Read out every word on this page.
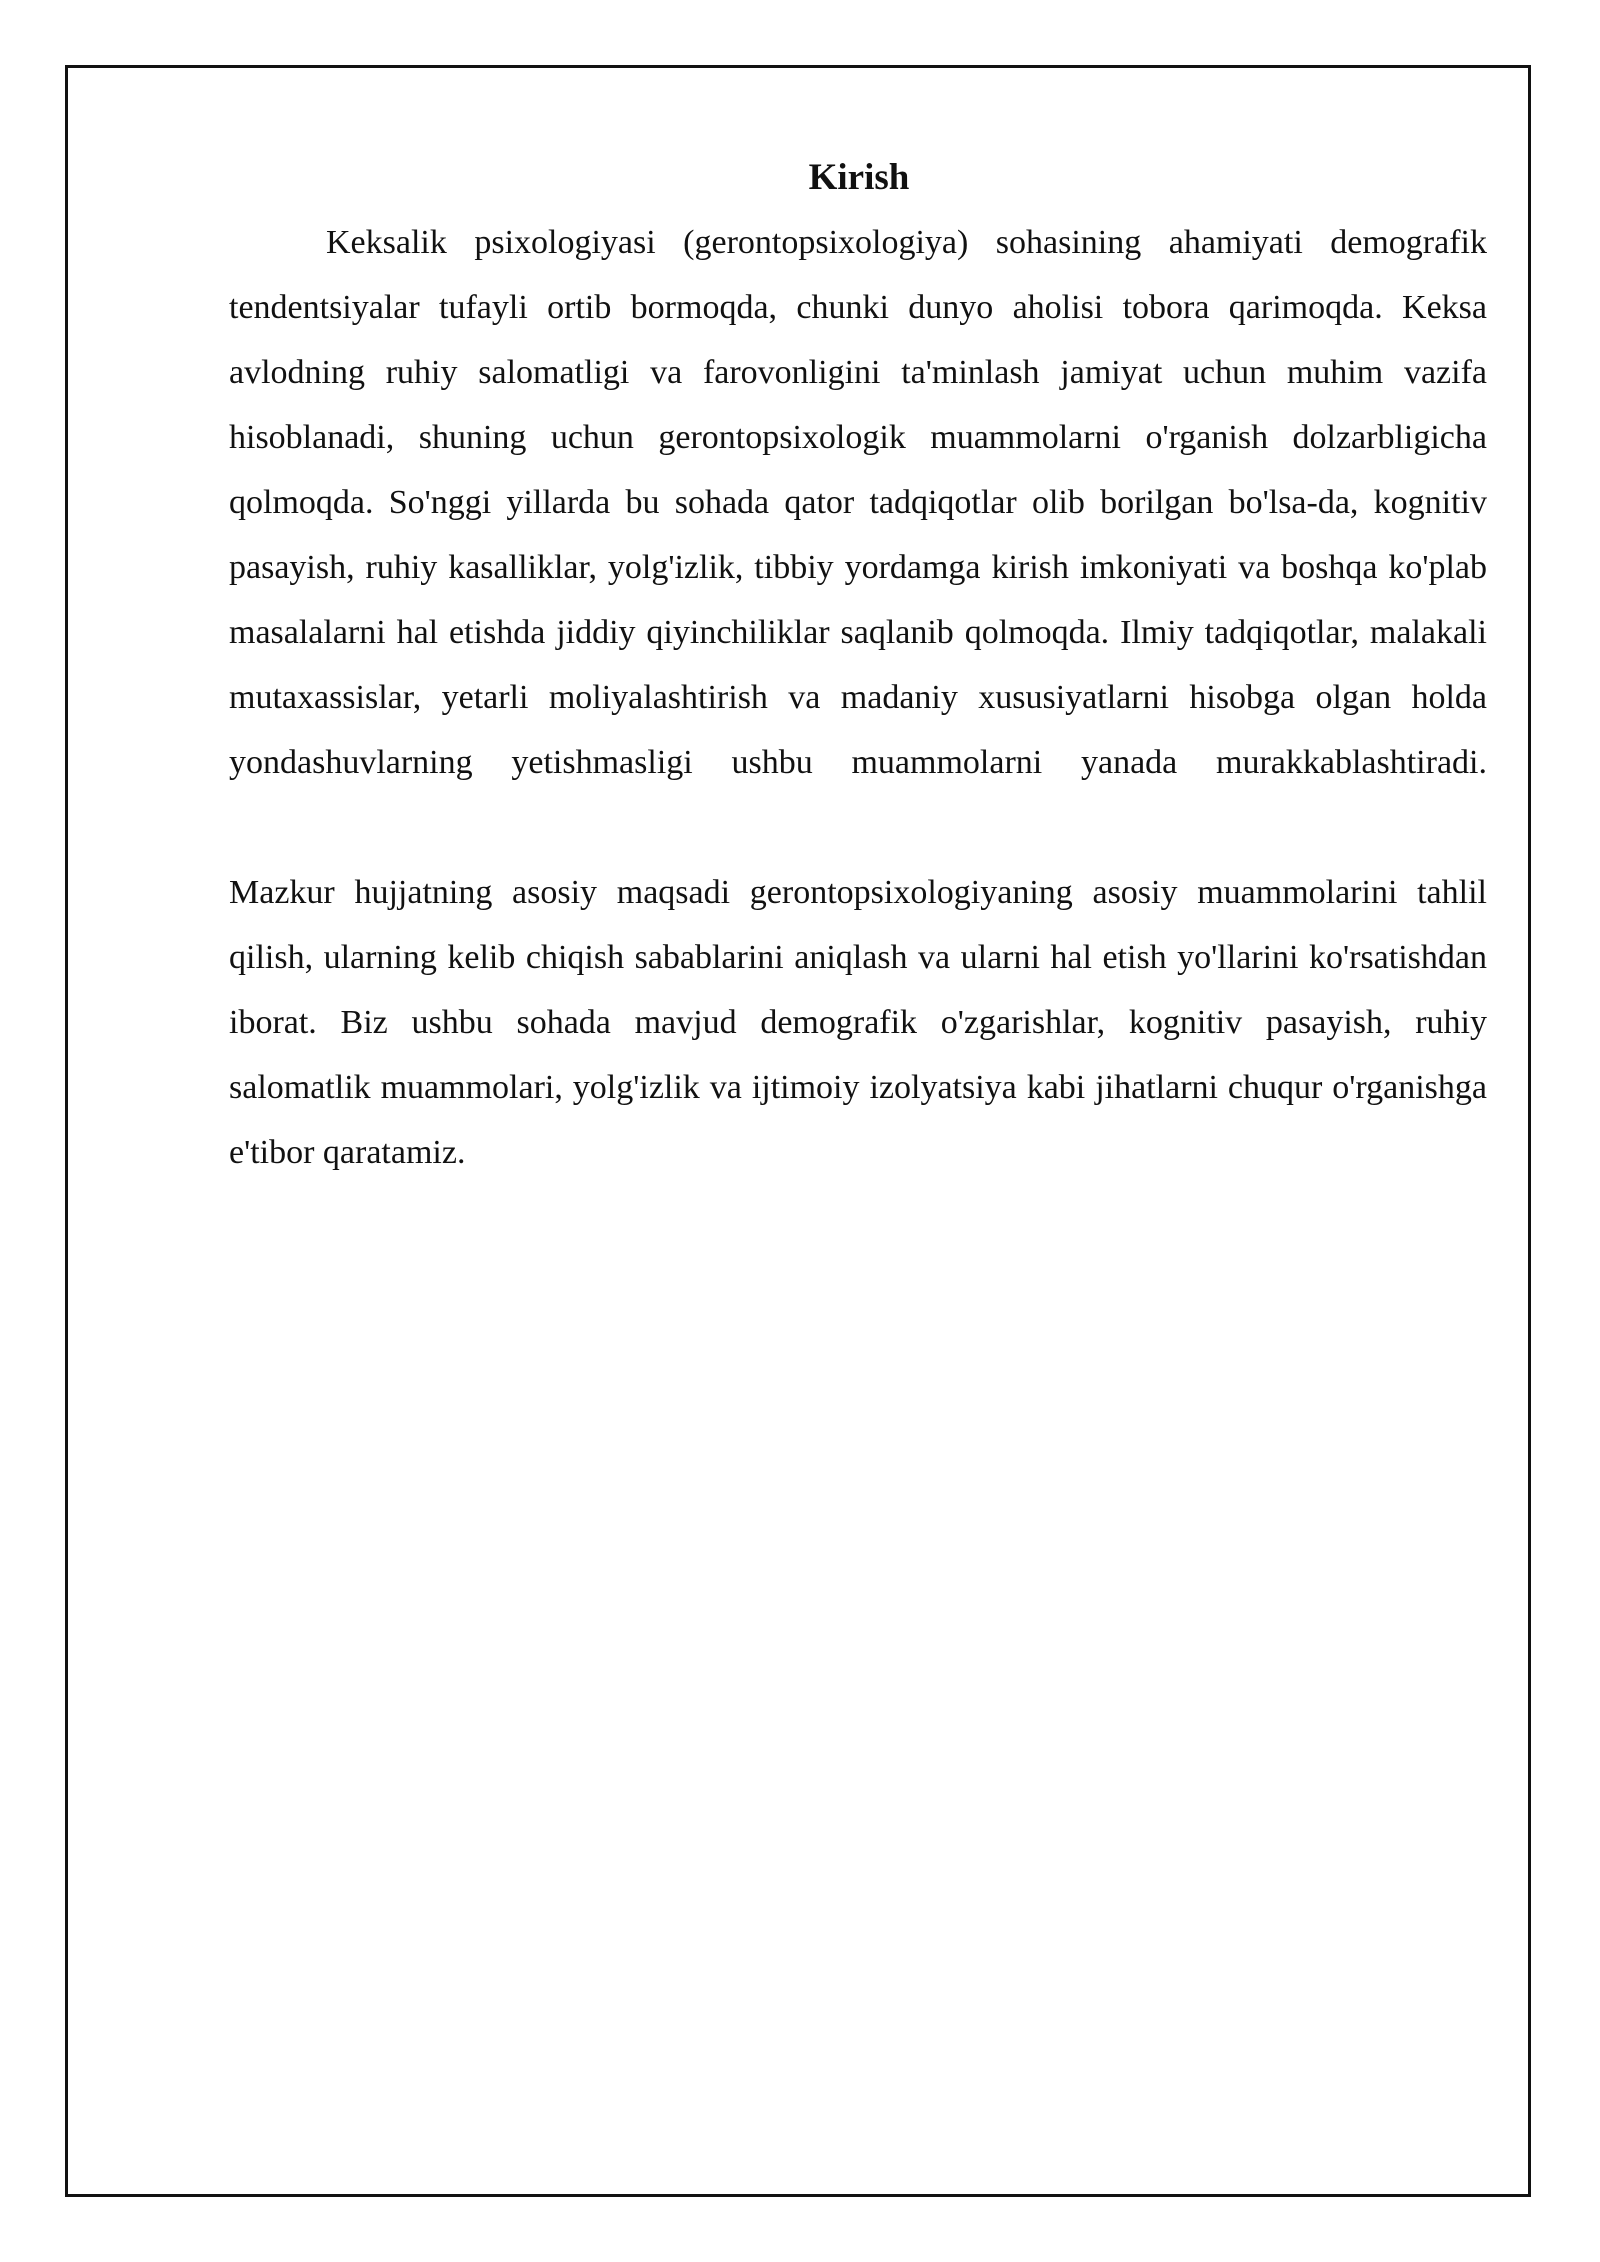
Kirish

Keksalik psixologiyasi (gerontopsixologiya) sohasining ahamiyati demografik tendentsiyalar tufayli ortib bormoqda, chunki dunyo aholisi tobora qarimoqda. Keksa avlodning ruhiy salomatligi va farovonligini ta'minlash jamiyat uchun muhim vazifa hisoblanadi, shuning uchun gerontopsixologik muammolarni o'rganish dolzarbligicha qolmoqda. So'nggi yillarda bu sohada qator tadqiqotlar olib borilgan bo'lsa-da, kognitiv pasayish, ruhiy kasalliklar, yolg'izlik, tibbiy yordamga kirish imkoniyati va boshqa ko'plab masalalarni hal etishda jiddiy qiyinchiliklar saqlanib qolmoqda. Ilmiy tadqiqotlar, malakali mutaxassislar, yetarli moliyalashtirish va madaniy xususiyatlarni hisobga olgan holda yondashuvlarning yetishmasligi ushbu muammolarni yanada murakkablashtiradi.

Mazkur hujjatning asosiy maqsadi gerontopsixologiyaning asosiy muammolarini tahlil qilish, ularning kelib chiqish sabablarini aniqlash va ularni hal etish yo'llarini ko'rsatishdan iborat. Biz ushbu sohada mavjud demografik o'zgarishlar, kognitiv pasayish, ruhiy salomatlik muammolari, yolg'izlik va ijtimoiy izolyatsiya kabi jihatlarni chuqur o'rganishga e'tibor qaratamiz.
